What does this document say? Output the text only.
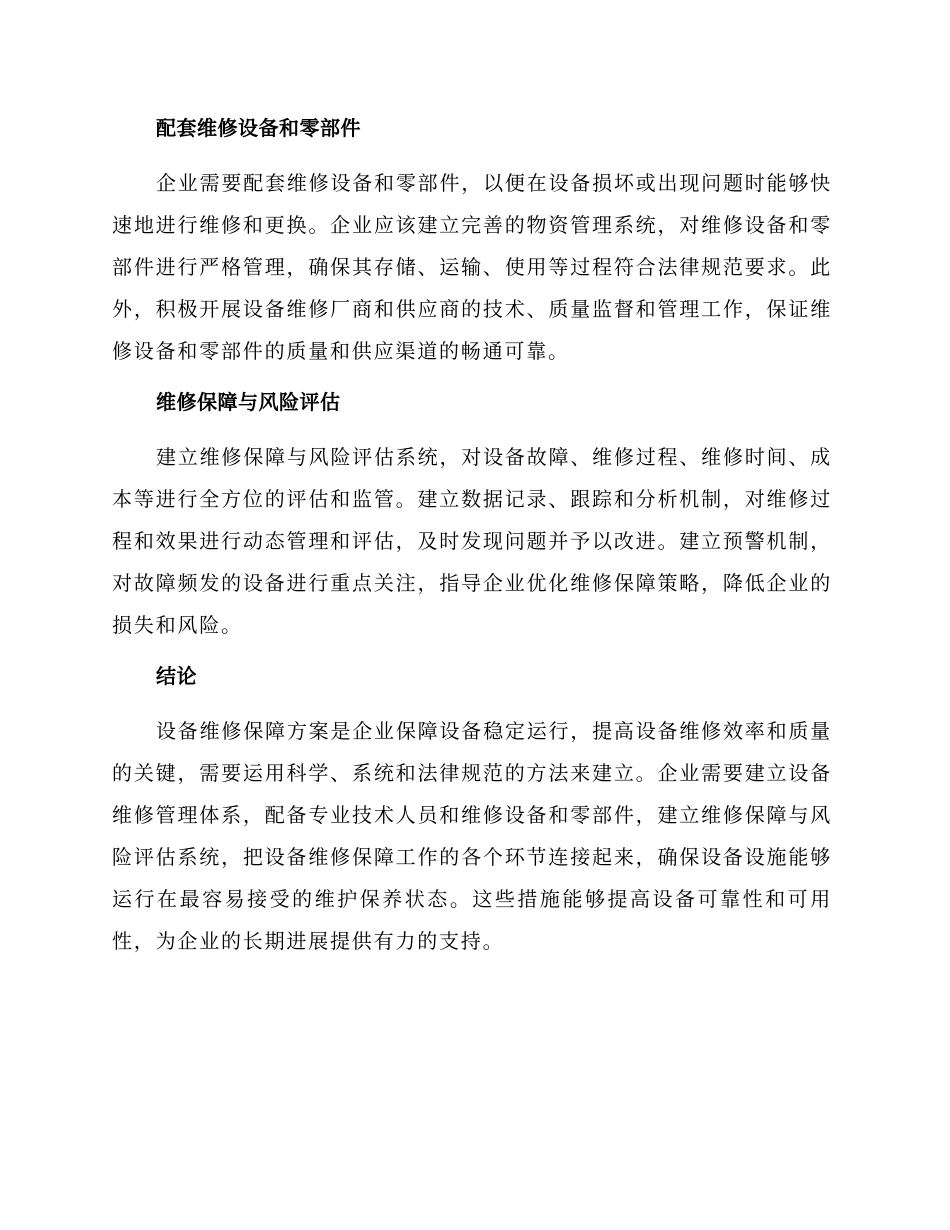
配套维修设备和零部件

企业需要配套维修设备和零部件，以便在设备损坏或出现问题时能够快速地进行维修和更换。企业应该建立完善的物资管理系统，对维修设备和零部件进行严格管理，确保其存储、运输、使用等过程符合法律规范要求。此外，积极开展设备维修厂商和供应商的技术、质量监督和管理工作，保证维修设备和零部件的质量和供应渠道的畅通可靠。

维修保障与风险评估

建立维修保障与风险评估系统，对设备故障、维修过程、维修时间、成本等进行全方位的评估和监管。建立数据记录、跟踪和分析机制，对维修过程和效果进行动态管理和评估，及时发现问题并予以改进。建立预警机制，对故障频发的设备进行重点关注，指导企业优化维修保障策略，降低企业的损失和风险。

结论

设备维修保障方案是企业保障设备稳定运行，提高设备维修效率和质量的关键，需要运用科学、系统和法律规范的方法来建立。企业需要建立设备维修管理体系，配备专业技术人员和维修设备和零部件，建立维修保障与风险评估系统，把设备维修保障工作的各个环节连接起来，确保设备设施能够运行在最容易接受的维护保养状态。这些措施能够提高设备可靠性和可用性，为企业的长期进展提供有力的支持。
